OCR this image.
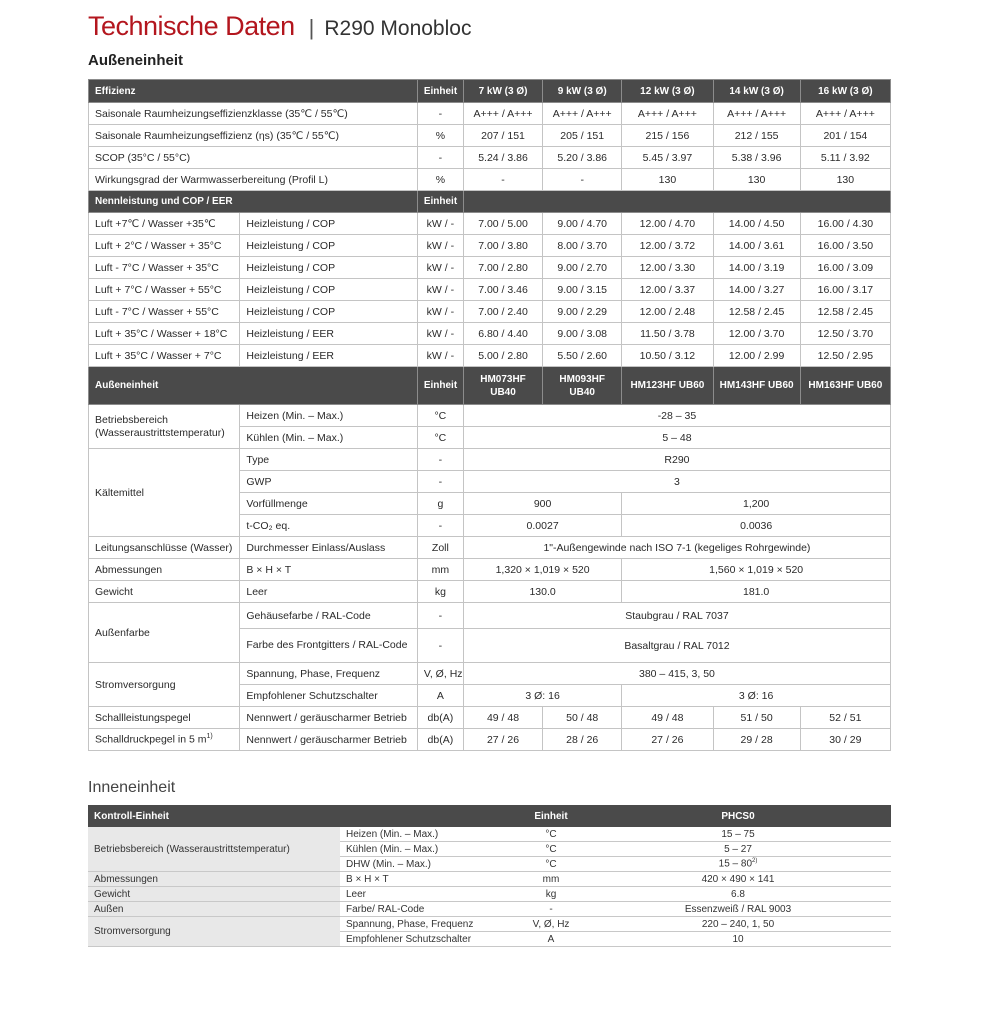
Technische Daten | R290 Monobloc
Außeneinheit
Effizienz		Einheit	7 kW (3 Ø)	9 kW (3 Ø)	12 kW (3 Ø)	14 kW (3 Ø)	16 kW (3 Ø)
Saisonale Raumheizungseffizienzklasse (35℃ / 55℃)		-	A+++ / A+++	A+++ / A+++	A+++ / A+++	A+++ / A+++	A+++ / A+++
Saisonale Raumheizungseffizienz (ηs) (35℃ / 55℃)		%	207 / 151	205 / 151	215 / 156	212 / 155	201 / 154
SCOP (35°C / 55°C)		-	5.24 / 3.86	5.20 / 3.86	5.45 / 3.97	5.38 / 3.96	5.11 / 3.92
Wirkungsgrad der Warmwasserbereitung (Profil L)		%	-	-	130	130	130
Nennleistung und COP / EER		Einheit					
Luft +7℃ / Wasser +35℃	Heizleistung / COP	kW / -	7.00 / 5.00	9.00 / 4.70	12.00 / 4.70	14.00 / 4.50	16.00 / 4.30
Luft + 2°C / Wasser + 35°C	Heizleistung / COP	kW / -	7.00 / 3.80	8.00 / 3.70	12.00 / 3.72	14.00 / 3.61	16.00 / 3.50
Luft - 7°C / Wasser + 35°C	Heizleistung / COP	kW / -	7.00 / 2.80	9.00 / 2.70	12.00 / 3.30	14.00 / 3.19	16.00 / 3.09
Luft + 7°C / Wasser + 55°C	Heizleistung / COP	kW / -	7.00 / 3.46	9.00 / 3.15	12.00 / 3.37	14.00 / 3.27	16.00 / 3.17
Luft - 7°C / Wasser + 55°C	Heizleistung / COP	kW / -	7.00 / 2.40	9.00 / 2.29	12.00 / 2.48	12.58 / 2.45	12.58 / 2.45
Luft + 35°C / Wasser + 18°C	Heizleistung / EER	kW / -	6.80 / 4.40	9.00 / 3.08	11.50 / 3.78	12.00 / 3.70	12.50 / 3.70
Luft + 35°C / Wasser + 7°C	Heizleistung / EER	kW / -	5.00 / 2.80	5.50 / 2.60	10.50 / 3.12	12.00 / 2.99	12.50 / 2.95
Außeneinheit		Einheit	HM073HF UB40	HM093HF UB40	HM123HF UB60	HM143HF UB60	HM163HF UB60
Betriebsbereich (Wasseraustrittstemperatur)	Heizen (Min. – Max.)	°C	-28 – 35				
	Kühlen (Min. – Max.)	°C	5 – 48				
Kältemittel	Type	-	R290				
	GWP	-	3				
	Vorfüllmenge	g	900		1,200		
	t-CO₂ eq.	-	0.0027		0.0036		
Leitungsanschlüsse (Wasser)	Durchmesser Einlass/Auslass	Zoll	1"-Außengewinde nach ISO 7-1 (kegeliges Rohrgewinde)				
Abmessungen	B × H × T	mm	1,320 × 1,019 × 520		1,560 × 1,019 × 520		
Gewicht	Leer	kg	130.0		181.0		
Außenfarbe	Gehäusefarbe / RAL-Code	-	Staubgrau / RAL 7037				
	Farbe des Frontgitters / RAL-Code	-	Basaltgrau / RAL 7012				
Stromversorgung	Spannung, Phase, Frequenz	V, Ø, Hz	380 – 415, 3, 50				
	Empfohlener Schutzschalter	A	3 Ø: 16		3 Ø: 16		
Schallleistungspegel	Nennwert / geräuscharmer Betrieb	db(A)	49 / 48	50 / 48	49 / 48	51 / 50	52 / 51
Schalldruckpegel in 5 $m^{1)}$	Nennwert / geräuscharmer Betrieb	db(A)	27 / 26	28 / 26	27 / 26	29 / 28	30 / 29
Inneneinheit
Kontroll-Einheit		Einheit	PHCS0
Betriebsbereich (Wasseraustrittstemperatur)	Heizen (Min. – Max.)	°C	15 – 75
	Kühlen (Min. – Max.)	°C	5 – 27
	DHW (Min. – Max.)	°C	15 – 80$^{2)}$
Abmessungen	B × H × T	mm	420 × 490 × 141
Gewicht	Leer	kg	6.8
Außen	Farbe/ RAL-Code	-	Essenzweiß / RAL 9003
Stromversorgung	Spannung, Phase, Frequenz	V, Ø, Hz	220 – 240, 1, 50
	Empfohlener Schutzschalter	A	10
